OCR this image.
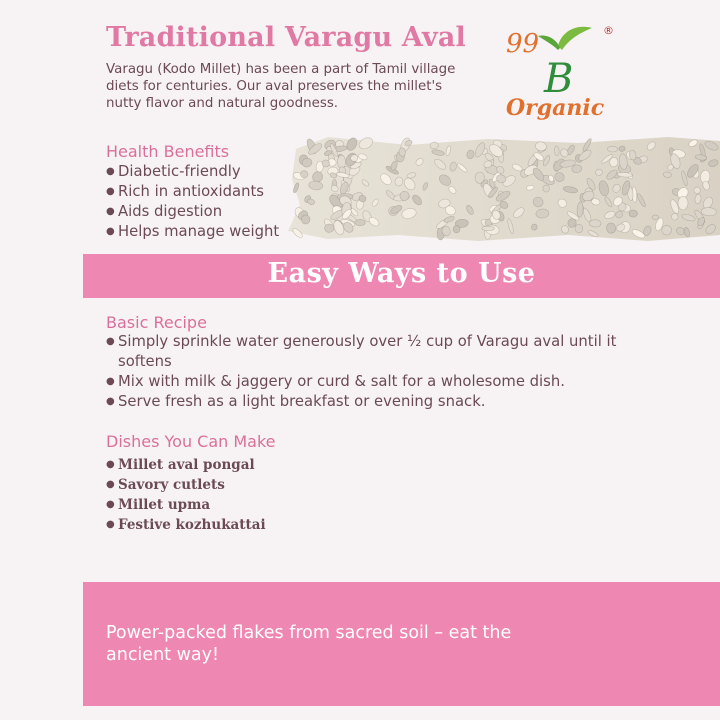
Traditional Varagu Aval
Varagu (Kodo Millet) has been a part of Tamil village diets for centuries. Our aval preserves the millet's nutty flavor and natural goodness.
99
B
Organic
®
Health Benefits
● Diabetic-friendly
● Rich in antioxidants
● Aids digestion
● Helps manage weight
Easy Ways to Use
Basic Recipe
● Simply sprinkle water generously over ½ cup of Varagu aval until it softens
● Mix with milk & jaggery or curd & salt for a wholesome dish.
● Serve fresh as a light breakfast or evening snack.
Dishes You Can Make
● Millet aval pongal
● Savory cutlets
● Millet upma
● Festive kozhukattai
Power-packed flakes from sacred soil – eat the ancient way!
